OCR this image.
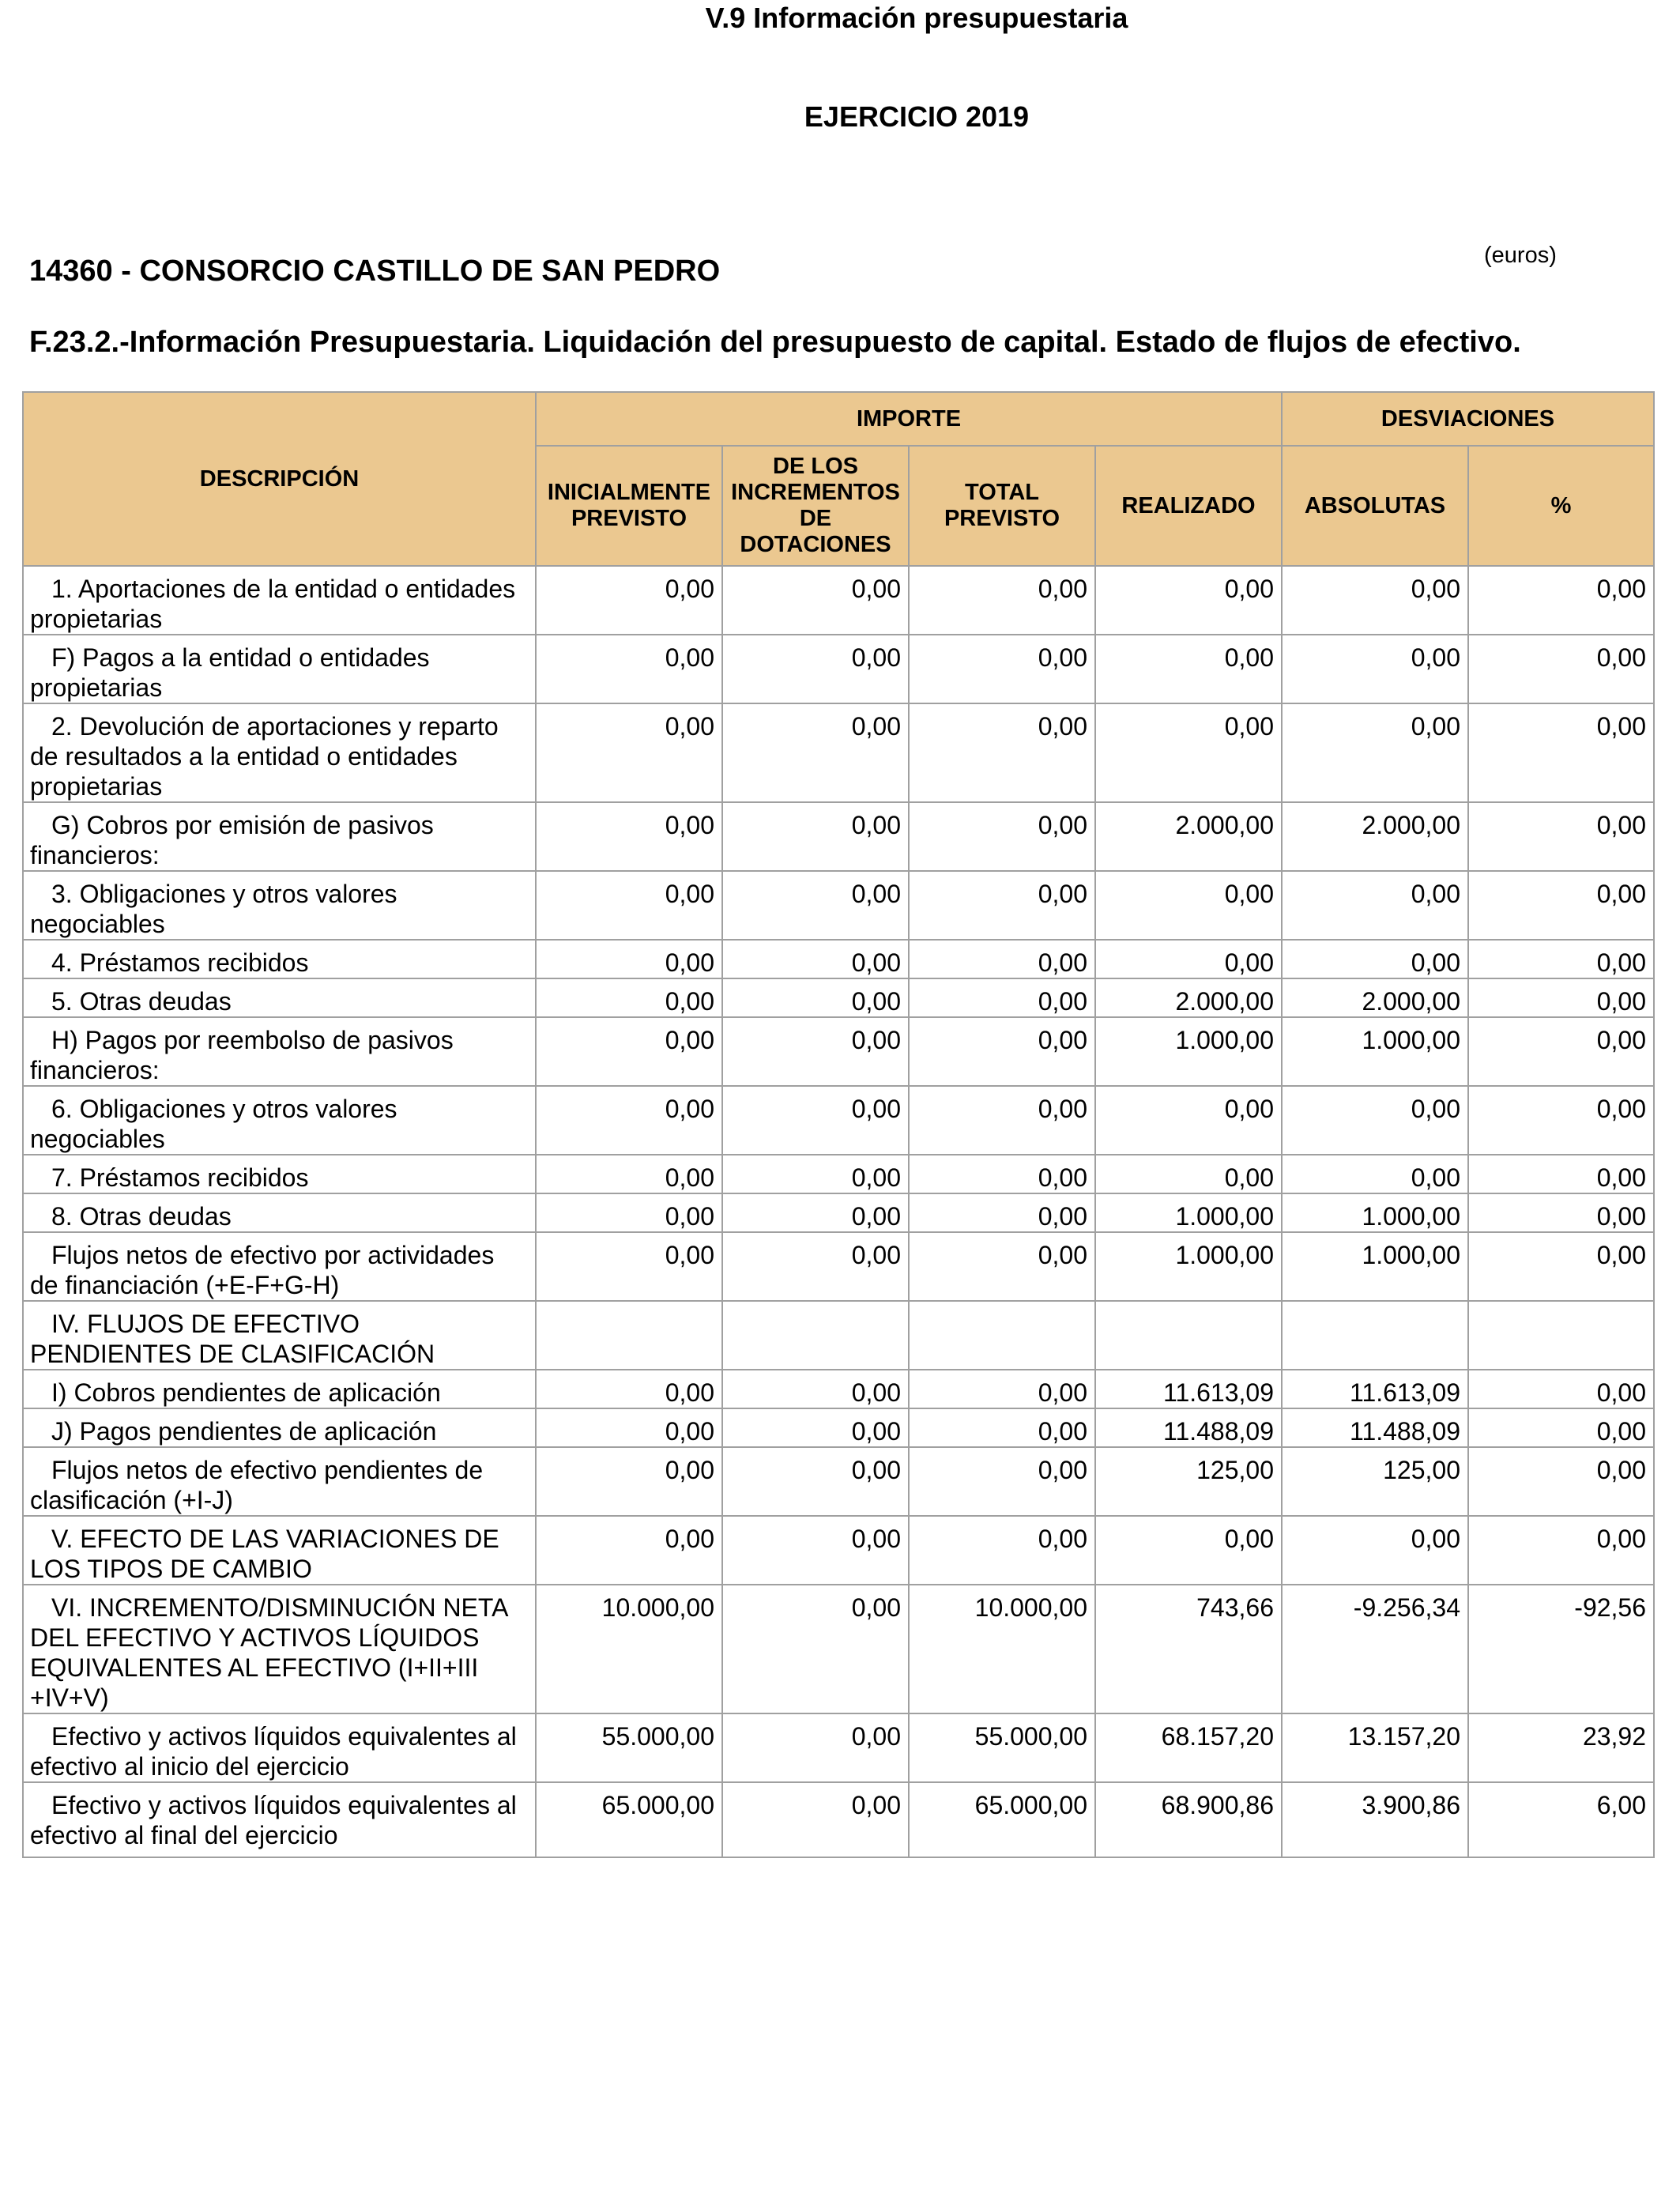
V.9 Información presupuestaria
EJERCICIO 2019
14360 - CONSORCIO CASTILLO DE SAN PEDRO	(euros)
F.23.2.-Información Presupuestaria. Liquidación del presupuesto de capital. Estado de flujos de efectivo.
DESCRIPCIÓN	IMPORTE				DESVIACIONES	
	INICIALMENTE PREVISTO	DE LOS INCREMENTOS DE DOTACIONES	TOTAL PREVISTO	REALIZADO	ABSOLUTAS	%
1. Aportaciones de la entidad o entidades propietarias	0,00	0,00	0,00	0,00	0,00	0,00
F) Pagos a la entidad o entidades propietarias	0,00	0,00	0,00	0,00	0,00	0,00
2. Devolución de aportaciones y reparto de resultados a la entidad o entidades propietarias	0,00	0,00	0,00	0,00	0,00	0,00
G) Cobros por emisión de pasivos financieros:	0,00	0,00	0,00	2.000,00	2.000,00	0,00
3. Obligaciones y otros valores negociables	0,00	0,00	0,00	0,00	0,00	0,00
4. Préstamos recibidos	0,00	0,00	0,00	0,00	0,00	0,00
5. Otras deudas	0,00	0,00	0,00	2.000,00	2.000,00	0,00
H) Pagos por reembolso de pasivos financieros:	0,00	0,00	0,00	1.000,00	1.000,00	0,00
6. Obligaciones y otros valores negociables	0,00	0,00	0,00	0,00	0,00	0,00
7. Préstamos recibidos	0,00	0,00	0,00	0,00	0,00	0,00
8. Otras deudas	0,00	0,00	0,00	1.000,00	1.000,00	0,00
Flujos netos de efectivo por actividades de financiación (+E-F+G-H)	0,00	0,00	0,00	1.000,00	1.000,00	0,00
IV. FLUJOS DE EFECTIVO PENDIENTES DE CLASIFICACIÓN						
I) Cobros pendientes de aplicación	0,00	0,00	0,00	11.613,09	11.613,09	0,00
J) Pagos pendientes de aplicación	0,00	0,00	0,00	11.488,09	11.488,09	0,00
Flujos netos de efectivo pendientes de clasificación (+I-J)	0,00	0,00	0,00	125,00	125,00	0,00
V. EFECTO DE LAS VARIACIONES DE LOS TIPOS DE CAMBIO	0,00	0,00	0,00	0,00	0,00	0,00
VI. INCREMENTO/DISMINUCIÓN NETA DEL EFECTIVO Y ACTIVOS LÍQUIDOS EQUIVALENTES AL EFECTIVO (I+II+III +IV+V)	10.000,00	0,00	10.000,00	743,66	-9.256,34	-92,56
Efectivo y activos líquidos equivalentes al efectivo al inicio del ejercicio	55.000,00	0,00	55.000,00	68.157,20	13.157,20	23,92
Efectivo y activos líquidos equivalentes al efectivo al final del ejercicio	65.000,00	0,00	65.000,00	68.900,86	3.900,86	6,00
